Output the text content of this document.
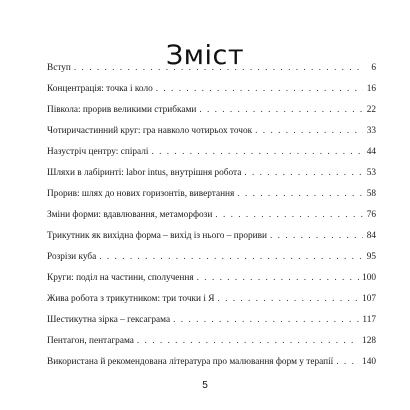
Зміст
Вступ . . .	6
Концентрація: точка і коло . . .	16
Півкола: прорив великими стрибками . . .	22
Чотиричастинний круг: гра навколо чотирьох точок . . .	33
Назустріч центру: спіралі . . .	44
Шляхи в лабіринті: labor intus, внутрішня робота . . .	53
Прорив: шлях до нових горизонтів, вивертання . . .	58
Зміни форми: вдавлювання, метаморфози . . .	76
Трикутник як вихідна форма – вихід із нього – прориви . . .	84
Розрізи куба . . .	95
Круги: поділ на частини, сполучення . . .	100
Жива робота з трикутником: три точки і Я . . .	107
Шестикутна зірка – гексаграма . . .	117
Пентагон, пентаграма . . .	128
Використана й рекомендована література про малювання форм у терапії . . .	140
5
